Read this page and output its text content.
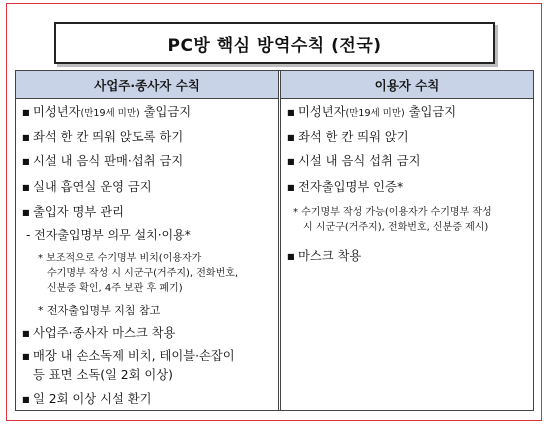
PC방 핵심 방역수칙 (전국)
사업주·종사자 수칙	이용자 수칙
■ 미성년자(만19세 미만) 출입금지
■ 좌석 한 칸 띄워 앉도록 하기
■ 시설 내 음식 판매·섭취 금지
■ 실내 흡연실 운영 금지
■ 출입자 명부 관리
- 전자출입명부 의무 설치·이용*
* 보조적으로 수기명부 비치(이용자가
수기명부 작성 시 시군구(거주지), 전화번호,
신분증 확인, 4주 보관 후 폐기)
* 전자출입명부 지침 참고
■ 사업주·종사자 마스크 착용
■ 매장 내 손소독제 비치, 테이블·손잡이
등 표면 소독(일 2회 이상)
■ 일 2회 이상 시설 환기
■ 미성년자(만19세 미만) 출입금지
■ 좌석 한 칸 띄워 앉기
■ 시설 내 음식 섭취 금지
■ 전자출입명부 인증*
* 수기명부 작성 가능(이용자가 수기명부 작성
시 시군구(거주지), 전화번호, 신분증 제시)
■ 마스크 착용
